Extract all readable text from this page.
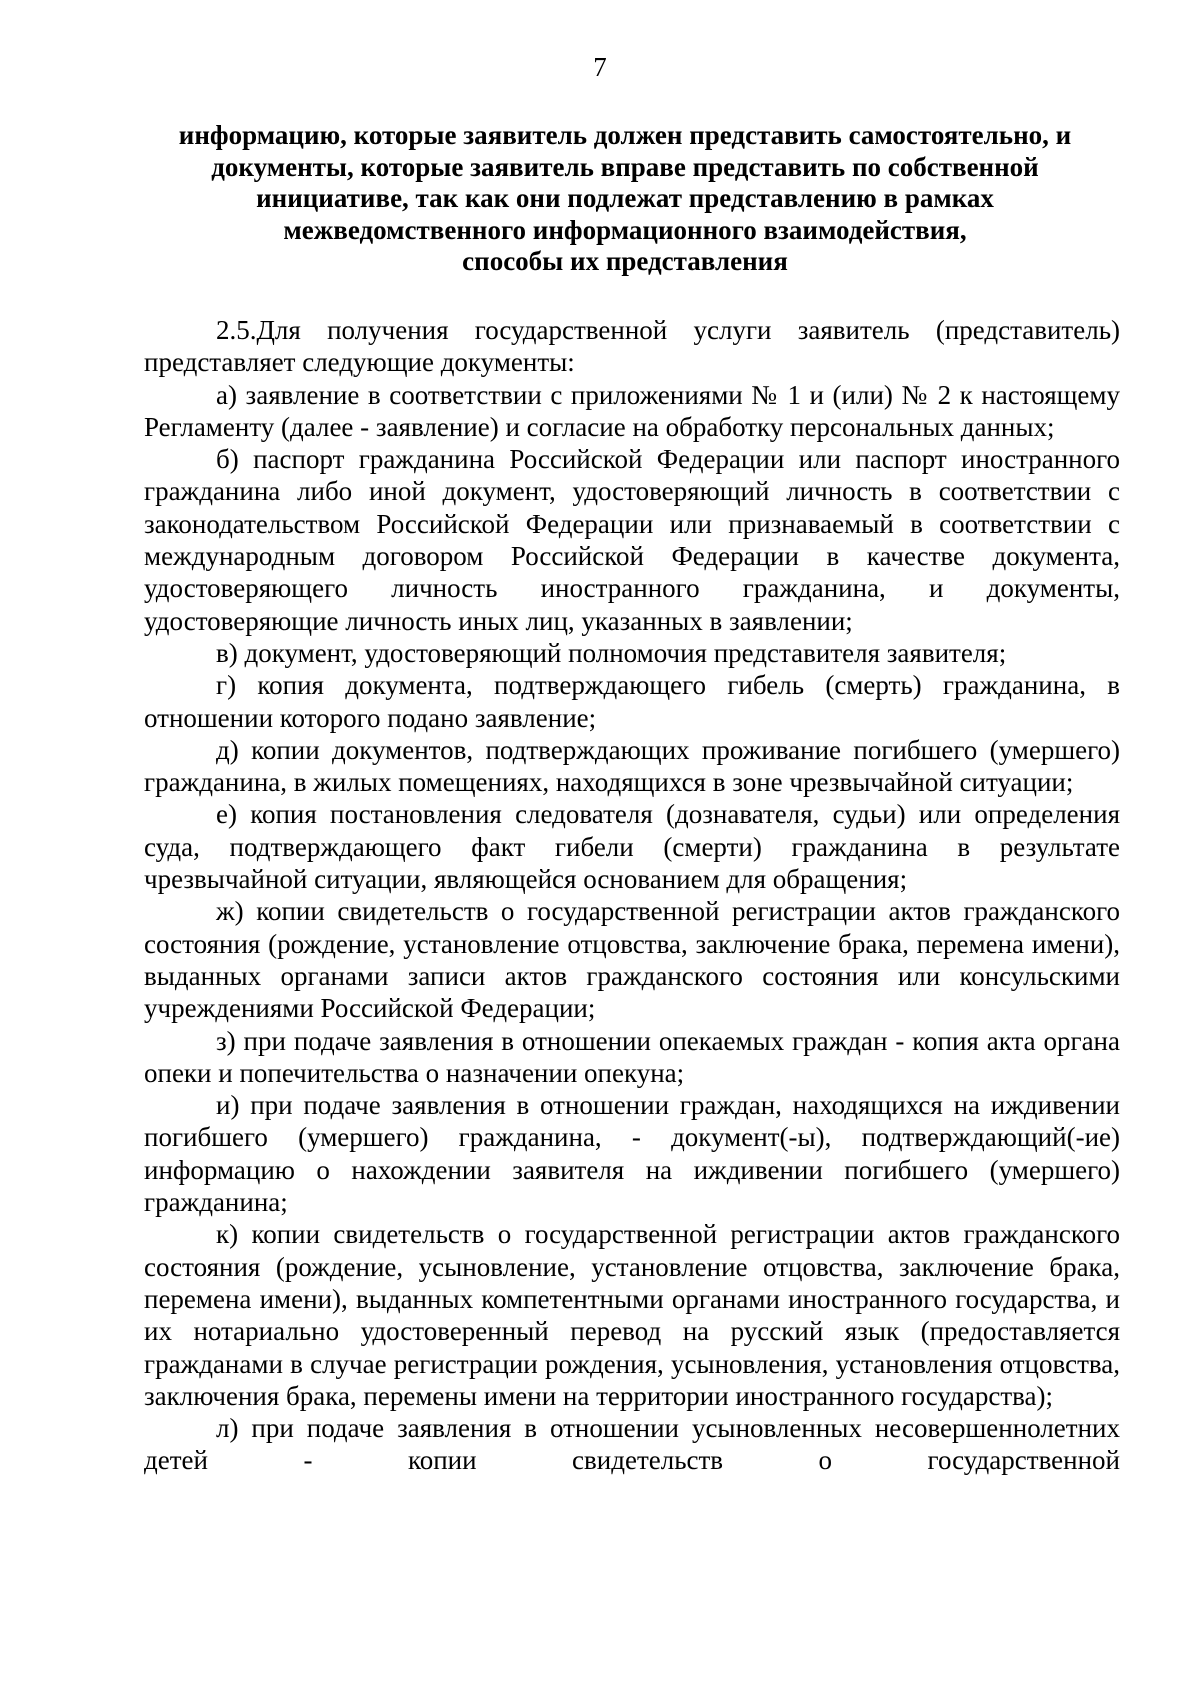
7
информацию, которые заявитель должен представить самостоятельно, и
документы, которые заявитель вправе представить по собственной
инициативе, так как они подлежат представлению в рамках
межведомственного информационного взаимодействия,
способы их представления

2.5.Для получения государственной услуги заявитель (представитель) представляет следующие документы:

а) заявление в соответствии с приложениями № 1 и (или) № 2 к настоящему Регламенту (далее - заявление) и согласие на обработку персональных данных;

б) паспорт гражданина Российской Федерации или паспорт иностранного гражданина либо иной документ, удостоверяющий личность в соответствии с законодательством Российской Федерации или признаваемый в соответствии с международным договором Российской Федерации в качестве документа, удостоверяющего личность иностранного гражданина, и документы, удостоверяющие личность иных лиц, указанных в заявлении;

в) документ, удостоверяющий полномочия представителя заявителя;

г) копия документа, подтверждающего гибель (смерть) гражданина, в отношении которого подано заявление;

д) копии документов, подтверждающих проживание погибшего (умершего) гражданина, в жилых помещениях, находящихся в зоне чрезвычайной ситуации;

е) копия постановления следователя (дознавателя, судьи) или определения суда, подтверждающего факт гибели (смерти) гражданина в результате чрезвычайной ситуации, являющейся основанием для обращения;

ж) копии свидетельств о государственной регистрации актов гражданского состояния (рождение, установление отцовства, заключение брака, перемена имени), выданных органами записи актов гражданского состояния или консульскими учреждениями Российской Федерации;

з) при подаче заявления в отношении опекаемых граждан - копия акта органа опеки и попечительства о назначении опекуна;

и) при подаче заявления в отношении граждан, находящихся на иждивении погибшего (умершего) гражданина, - документ(-ы), подтверждающий(-ие) информацию о нахождении заявителя на иждивении погибшего (умершего) гражданина;

к) копии свидетельств о государственной регистрации актов гражданского состояния (рождение, усыновление, установление отцовства, заключение брака, перемена имени), выданных компетентными органами иностранного государства, и их нотариально удостоверенный перевод на русский язык (предоставляется гражданами в случае регистрации рождения, усыновления, установления отцовства, заключения брака, перемены имени на территории иностранного государства);

л) при подаче заявления в отношении усыновленных несовершеннолетних детей - копии свидетельств о государственной
